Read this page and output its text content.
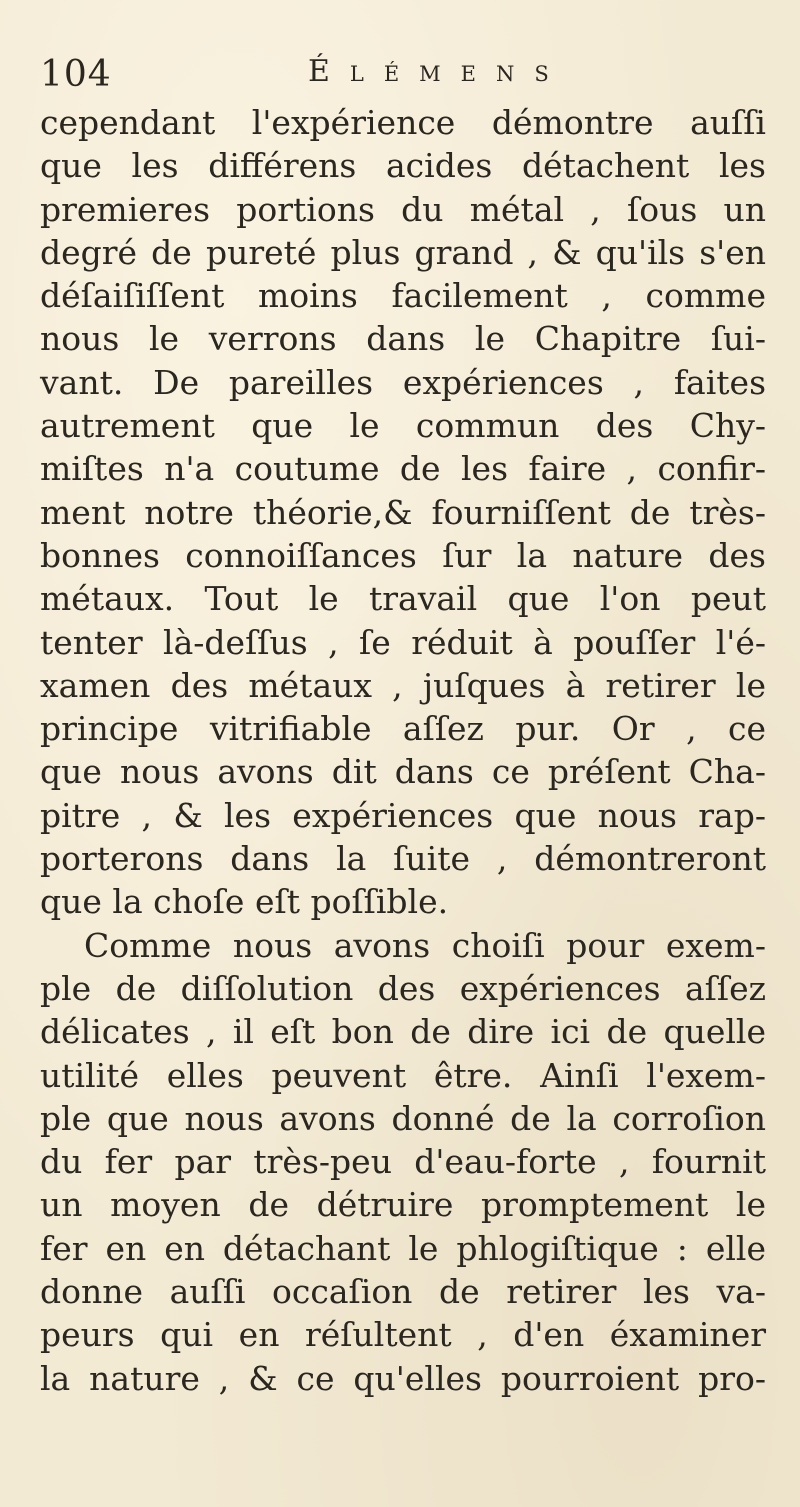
104	Élémens
cependant l'expérience démontre auſſi
que les différens acides détachent les
premieres portions du métal , ſous un
degré de pureté plus grand , & qu'ils s'en
déſaiſiſſent moins facilement , comme
nous le verrons dans le Chapitre ſui-
vant. De pareilles expériences , faites
autrement que le commun des Chy-
miſtes n'a coutume de les faire , confir-
ment notre théorie,& fourniſſent de très-
bonnes connoiſſances ſur la nature des
métaux. Tout le travail que l'on peut
tenter là-deſſus , ſe réduit à pouſſer l'é-
xamen des métaux , juſques à retirer le
principe vitrifiable aſſez pur. Or , ce
que nous avons dit dans ce préſent Cha-
pitre , & les expériences que nous rap-
porterons dans la ſuite , démontreront
que la choſe eſt poſſible.
Comme nous avons choiſi pour exem-
ple de diſſolution des expériences aſſez
délicates , il eſt bon de dire ici de quelle
utilité elles peuvent être. Ainſi l'exem-
ple que nous avons donné de la corroſion
du fer par très-peu d'eau-forte , fournit
un moyen de détruire promptement le
fer en en détachant le phlogiſtique : elle
donne auſſi occaſion de retirer les va-
peurs qui en réſultent , d'en éxaminer
la nature , & ce qu'elles pourroient pro-
